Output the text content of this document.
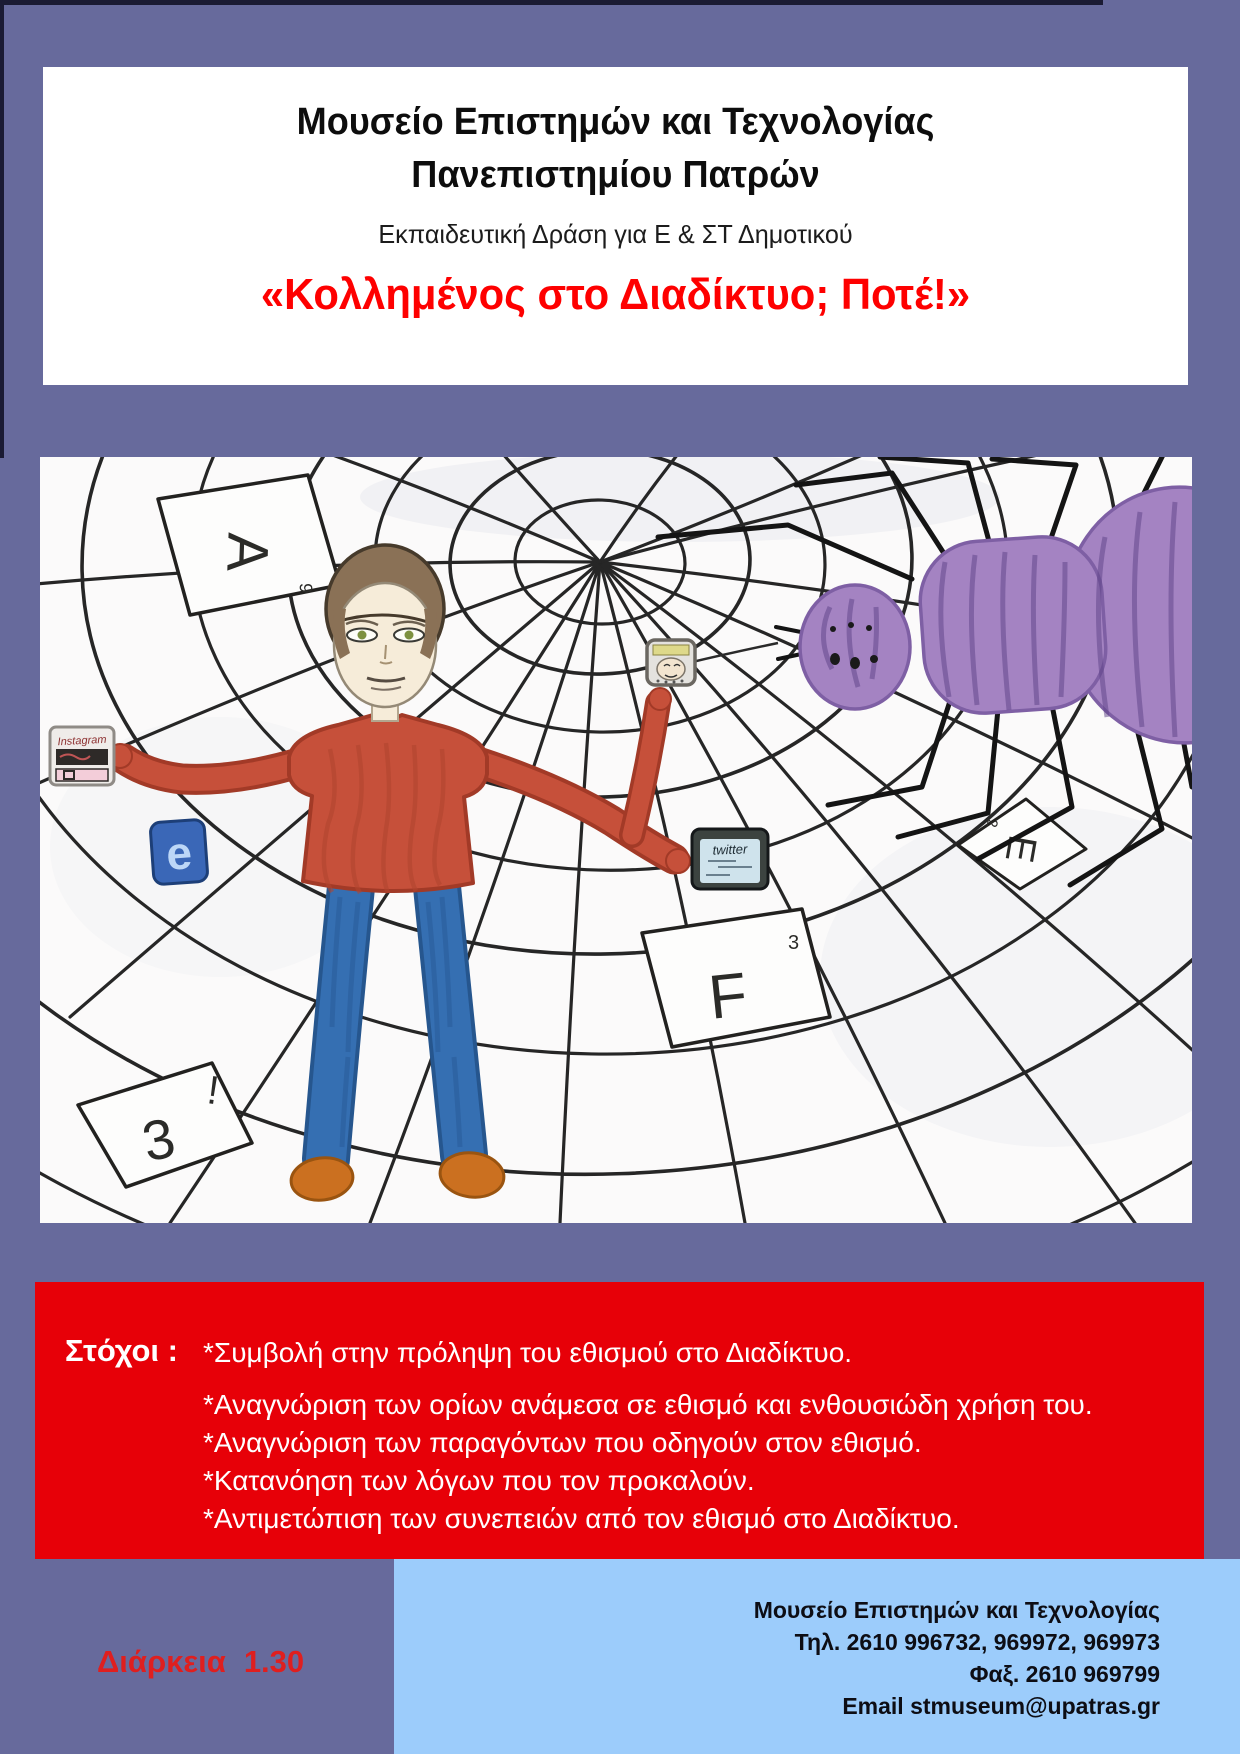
Μουσείο Επιστημών και Τεχνολογίας
Πανεπιστημίου Πατρών
Εκπαιδευτική Δράση για Ε & ΣΤ Δημοτικού
«Κολλημένος στο Διαδίκτυο; Ποτέ!»
A
9
E
2
F
3
3
!
Instagram
e	twitter
Στόχοι : *Συμβολή στην πρόληψη του εθισμού στο Διαδίκτυο.
*Αναγνώριση των ορίων ανάμεσα σε εθισμό και ενθουσιώδη χρήση του.
*Αναγνώριση των παραγόντων που οδηγούν στον εθισμό.
*Κατανόηση των λόγων που τον προκαλούν.
*Αντιμετώπιση των συνεπειών από τον εθισμό στο Διαδίκτυο.
Διάρκεια 1.30
Μουσείο Επιστημών και Τεχνολογίας
Τηλ. 2610 996732, 969972, 969973
Φαξ. 2610 969799
Email stmuseum@upatras.gr
